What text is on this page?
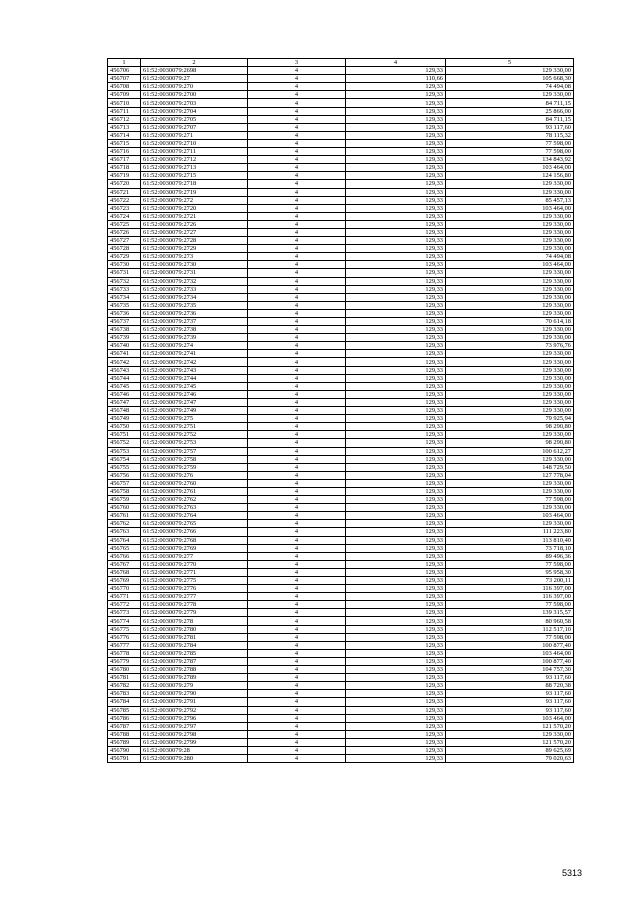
1	2	3	4	5
456706	61:52:0030079:2698	4	129,33	129 330,00
456707	61:52:0030079:27	4	110,66	105 668,30
456708	61:52:0030079:270	4	129,33	74 494,08
456709	61:52:0030079:2700	4	129,33	129 330,00
456710	61:52:0030079:2703	4	129,33	84 711,15
456711	61:52:0030079:2704	4	129,33	25 866,00
456712	61:52:0030079:2705	4	129,33	84 711,15
456713	61:52:0030079:2707	4	129,33	93 117,60
456714	61:52:0030079:271	4	129,33	78 115,32
456715	61:52:0030079:2710	4	129,33	77 598,00
456716	61:52:0030079:2711	4	129,33	77 598,00
456717	61:52:0030079:2712	4	129,33	134 843,92
456718	61:52:0030079:2713	4	129,33	103 464,00
456719	61:52:0030079:2715	4	129,33	124 156,80
456720	61:52:0030079:2718	4	129,33	129 330,00
456721	61:52:0030079:2719	4	129,33	129 330,00
456722	61:52:0030079:272	4	129,33	85 457,13
456723	61:52:0030079:2720	4	129,33	103 464,00
456724	61:52:0030079:2721	4	129,33	129 330,00
456725	61:52:0030079:2726	4	129,33	129 330,00
456726	61:52:0030079:2727	4	129,33	129 330,00
456727	61:52:0030079:2728	4	129,33	129 330,00
456728	61:52:0030079:2729	4	129,33	129 330,00
456729	61:52:0030079:273	4	129,33	74 494,08
456730	61:52:0030079:2730	4	129,33	103 464,00
456731	61:52:0030079:2731	4	129,33	129 330,00
456732	61:52:0030079:2732	4	129,33	129 330,00
456733	61:52:0030079:2733	4	129,33	129 330,00
456734	61:52:0030079:2734	4	129,33	129 330,00
456735	61:52:0030079:2735	4	129,33	129 330,00
456736	61:52:0030079:2736	4	129,33	129 330,00
456737	61:52:0030079:2737	4	129,33	70 614,18
456738	61:52:0030079:2738	4	129,33	129 330,00
456739	61:52:0030079:2739	4	129,33	129 330,00
456740	61:52:0030079:274	4	129,33	73 976,76
456741	61:52:0030079:2741	4	129,33	129 330,00
456742	61:52:0030079:2742	4	129,33	129 330,00
456743	61:52:0030079:2743	4	129,33	129 330,00
456744	61:52:0030079:2744	4	129,33	129 330,00
456745	61:52:0030079:2745	4	129,33	129 330,00
456746	61:52:0030079:2746	4	129,33	129 330,00
456747	61:52:0030079:2747	4	129,33	129 330,00
456748	61:52:0030079:2749	4	129,33	129 330,00
456749	61:52:0030079:275	4	129,33	79 925,94
456750	61:52:0030079:2751	4	129,33	98 290,80
456751	61:52:0030079:2752	4	129,33	129 330,00
456752	61:52:0030079:2753	4	129,33	98 290,80
456753	61:52:0030079:2757	4	129,33	100 612,27
456754	61:52:0030079:2758	4	129,33	129 330,00
456755	61:52:0030079:2759	4	129,33	148 729,50
456756	61:52:0030079:276	4	129,33	127 778,04
456757	61:52:0030079:2760	4	129,33	129 330,00
456758	61:52:0030079:2761	4	129,33	129 330,00
456759	61:52:0030079:2762	4	129,33	77 598,00
456760	61:52:0030079:2763	4	129,33	129 330,00
456761	61:52:0030079:2764	4	129,33	103 464,00
456762	61:52:0030079:2765	4	129,33	129 330,00
456763	61:52:0030079:2766	4	129,33	111 223,80
456764	61:52:0030079:2768	4	129,33	113 810,40
456765	61:52:0030079:2769	4	129,33	73 718,10
456766	61:52:0030079:277	4	129,33	89 496,36
456767	61:52:0030079:2770	4	129,33	77 598,00
456768	61:52:0030079:2771	4	129,33	95 958,30
456769	61:52:0030079:2775	4	129,33	73 200,11
456770	61:52:0030079:2776	4	129,33	116 397,00
456771	61:52:0030079:2777	4	129,33	116 397,00
456772	61:52:0030079:2778	4	129,33	77 598,00
456773	61:52:0030079:2779	4	129,33	139 315,57
456774	61:52:0030079:278	4	129,33	80 960,58
456775	61:52:0030079:2780	4	129,33	112 517,10
456776	61:52:0030079:2781	4	129,33	77 598,00
456777	61:52:0030079:2784	4	129,33	100 877,40
456778	61:52:0030079:2785	4	129,33	103 464,00
456779	61:52:0030079:2787	4	129,33	100 877,40
456780	61:52:0030079:2788	4	129,33	104 757,30
456781	61:52:0030079:2789	4	129,33	93 117,60
456782	61:52:0030079:279	4	129,33	88 720,38
456783	61:52:0030079:2790	4	129,33	93 117,60
456784	61:52:0030079:2791	4	129,33	93 117,60
456785	61:52:0030079:2792	4	129,33	93 117,60
456786	61:52:0030079:2796	4	129,33	103 464,00
456787	61:52:0030079:2797	4	129,33	121 570,20
456788	61:52:0030079:2798	4	129,33	129 330,00
456789	61:52:0030079:2799	4	129,33	121 570,20
456790	61:52:0030079:28	4	129,33	89 625,69
456791	61:52:0030079:280	4	129,33	79 020,63
5313
